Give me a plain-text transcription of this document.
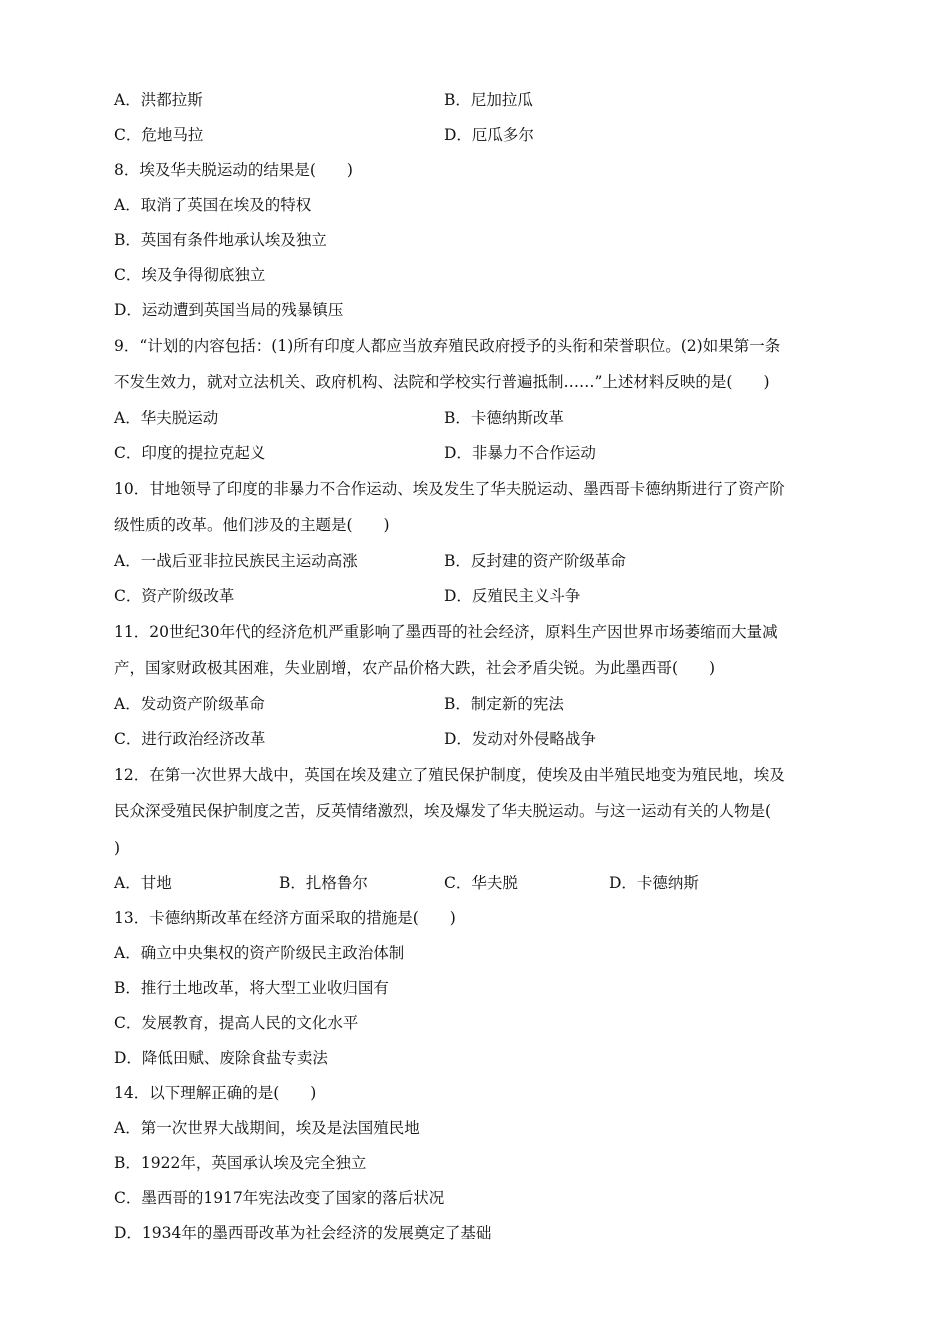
A．洪都拉斯	B．尼加拉瓜
C．危地马拉	D．厄瓜多尔
8．埃及华夫脱运动的结果是(　　)
A．取消了英国在埃及的特权
B．英国有条件地承认埃及独立
C．埃及争得彻底独立
D．运动遭到英国当局的残暴镇压
9．“计划的内容包括：(1)所有印度人都应当放弃殖民政府授予的头衔和荣誉职位。(2)如果第一条
不发生效力，就对立法机关、政府机构、法院和学校实行普遍抵制……”上述材料反映的是(　　)
A．华夫脱运动	B．卡德纳斯改革
C．印度的提拉克起义	D．非暴力不合作运动
10．甘地领导了印度的非暴力不合作运动、埃及发生了华夫脱运动、墨西哥卡德纳斯进行了资产阶
级性质的改革。他们涉及的主题是(　　)
A．一战后亚非拉民族民主运动高涨	B．反封建的资产阶级革命
C．资产阶级改革	D．反殖民主义斗争
11．20世纪30年代的经济危机严重影响了墨西哥的社会经济，原料生产因世界市场萎缩而大量减
产，国家财政极其困难，失业剧增，农产品价格大跌，社会矛盾尖锐。为此墨西哥(　　)
A．发动资产阶级革命	B．制定新的宪法
C．进行政治经济改革	D．发动对外侵略战争
12．在第一次世界大战中，英国在埃及建立了殖民保护制度，使埃及由半殖民地变为殖民地，埃及
民众深受殖民保护制度之苦，反英情绪激烈，埃及爆发了华夫脱运动。与这一运动有关的人物是(
)
A．甘地	B．扎格鲁尔	C．华夫脱	D．卡德纳斯
13．卡德纳斯改革在经济方面采取的措施是(　　)
A．确立中央集权的资产阶级民主政治体制
B．推行土地改革，将大型工业收归国有
C．发展教育，提高人民的文化水平
D．降低田赋、废除食盐专卖法
14．以下理解正确的是(　　)
A．第一次世界大战期间，埃及是法国殖民地
B．1922年，英国承认埃及完全独立
C．墨西哥的1917年宪法改变了国家的落后状况
D．1934年的墨西哥改革为社会经济的发展奠定了基础
